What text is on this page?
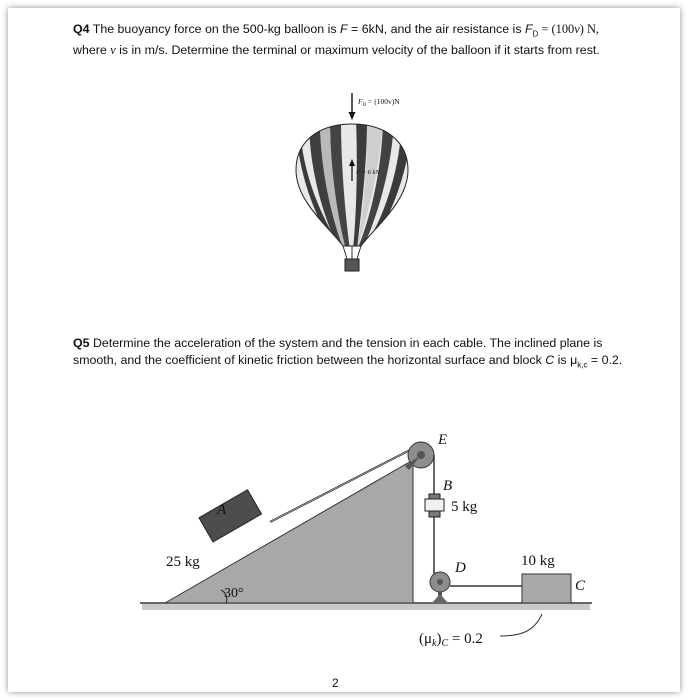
Q4 The buoyancy force on the 500-kg balloon is F = 6kN, and the air resistance is $F_D = (100v)$ N,
where v is in m/s. Determine the terminal or maximum velocity of the balloon if it starts from rest.
Q5 Determine the acceleration of the system and the tension in each cable. The inclined plane is
smooth, and the coefficient of kinetic friction between the horizontal surface and block C is $\mu_{k,c} = 0.2$.
$F_D = (100v)N$
F = 6 kN
30°
A
25 kg
E
B
5 kg
D	10 kg
C
$(\mu_k)_C = 0.2$
2
